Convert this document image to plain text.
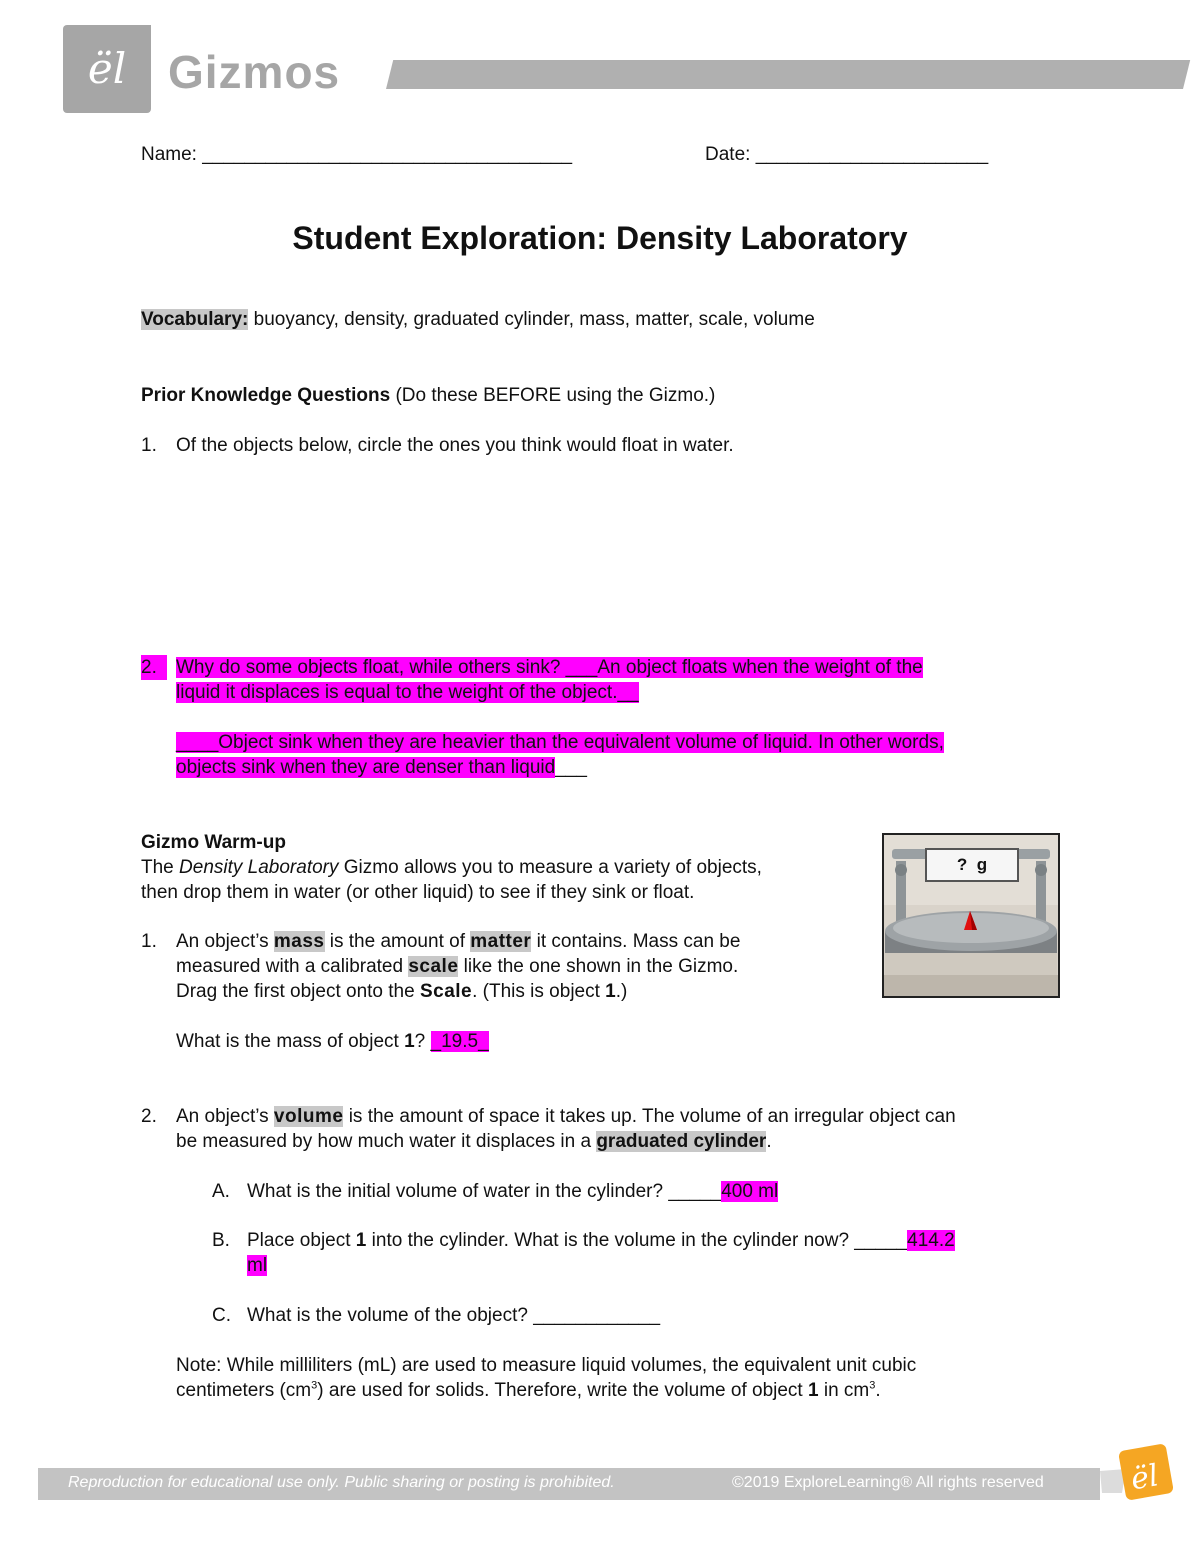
ël Gizmos
Name: ___________________________________	Date: ______________________
Student Exploration: Density Laboratory
Vocabulary: buoyancy, density, graduated cylinder, mass, matter, scale, volume
Prior Knowledge Questions (Do these BEFORE using the Gizmo.)
1. Of the objects below, circle the ones you think would float in water.
2.	Why do some objects float, while others sink? ___An object floats when the weight of the
liquid it displaces is equal to the weight of the object.__
____Object sink when they are heavier than the equivalent volume of liquid. In other words,
objects sink when they are denser than liquid___
Gizmo Warm-up
The Density Laboratory Gizmo allows you to measure a variety of objects,
then drop them in water (or other liquid) to see if they sink or float.
?  g
1. An object’s mass is the amount of matter it contains. Mass can be
measured with a calibrated scale like the one shown in the Gizmo.
Drag the first object onto the Scale. (This is object 1.)
What is the mass of object 1? _19.5_
2. An object’s volume is the amount of space it takes up. The volume of an irregular object can
be measured by how much water it displaces in a graduated cylinder.
A. What is the initial volume of water in the cylinder? _____400 ml
B. Place object 1 into the cylinder. What is the volume in the cylinder now? _____414.2
ml
C. What is the volume of the object? ____________
Note: While milliliters (mL) are used to measure liquid volumes, the equivalent unit cubic
centimeters $(cm^3)$ are used for solids. Therefore, write the volume of object 1 in $cm^3$.
Reproduction for educational use only. Public sharing or posting is prohibited.	©2019 ExploreLearning® All rights reserved	ël
